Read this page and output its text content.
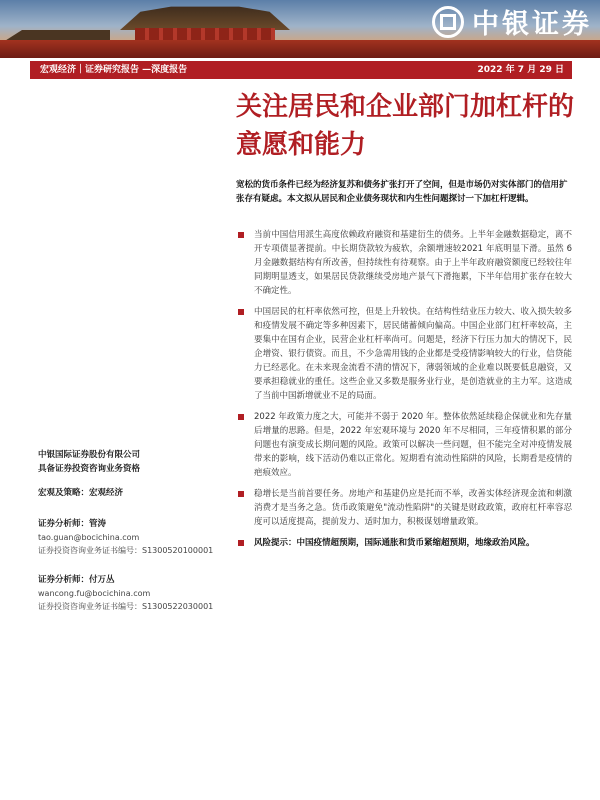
中银证券
宏观经济｜证券研究报告 —深度报告	2022 年 7 月 29 日
关注居民和企业部门加杠杆的意愿和能力

宽松的货币条件已经为经济复苏和债务扩张打开了空间，但是市场仍对实体部门的信用扩张存有疑虑。本文拟从居民和企业债务现状和内生性问题探讨一下加杠杆逻辑。

当前中国信用派生高度依赖政府融资和基建衍生的债务。上半年金融数据稳定，离不开专项债显著提前。中长期贷款较为疲软，余额增速较2021 年底明显下滑。虽然 6 月金融数据结构有所改善，但持续性有待观察。由于上半年政府融资额度已经较往年同期明显透支，如果居民贷款继续受房地产景气下滑拖累，下半年信用扩张存在较大不确定性。
中国居民的杠杆率依然可控，但是上升较快。在结构性结业压力较大、收入损失较多和疫情发展不确定等多种因素下，居民储蓄倾向偏高。中国企业部门杠杆率较高，主要集中在国有企业，民营企业杠杆率尚可。问题是，经济下行压力加大的情况下，民企增资、银行债资。而且，不少急需用钱的企业都是受疫情影响较大的行业，信贷能力已经恶化。在未来现金流看不清的情况下，薄弱领域的企业难以既要低息融资，又要承担稳就业的重任。这些企业又多数是服务业行业，是创造就业的主力军。这造成了当前中国新增就业不足的局面。
2022 年政策力度之大，可能并不弱于 2020 年。整体依然延续稳企保就业和先存量后增量的思路。但是，2022 年宏观环境与 2020 年不尽相同，三年疫情积累的部分问题也有演变成长期问题的风险。政策可以解决一些问题，但不能完全对冲疫情发展带来的影响，线下活动仍难以正常化。短期看有流动性陷阱的风险，长期看是疫情的疤痕效应。
稳增长是当前首要任务。房地产和基建仍应是托而不举，改善实体经济现金流和刺激消费才是当务之急。货币政策避免"流动性陷阱"的关键是财政政策，政府杠杆率容忍度可以适度提高，提前发力、适时加力，积极谋划增量政策。
风险提示：中国疫情超预期，国际通胀和货币紧缩超预期，地缘政治风险。
中银国际证券股份有限公司
具备证券投资咨询业务资格
宏观及策略：宏观经济
证券分析师：管涛
tao.guan@bocichina.com
证券投资咨询业务证书编号：S1300520100001
证券分析师：付万丛
wancong.fu@bocichina.com
证券投资咨询业务证书编号：S1300522030001
